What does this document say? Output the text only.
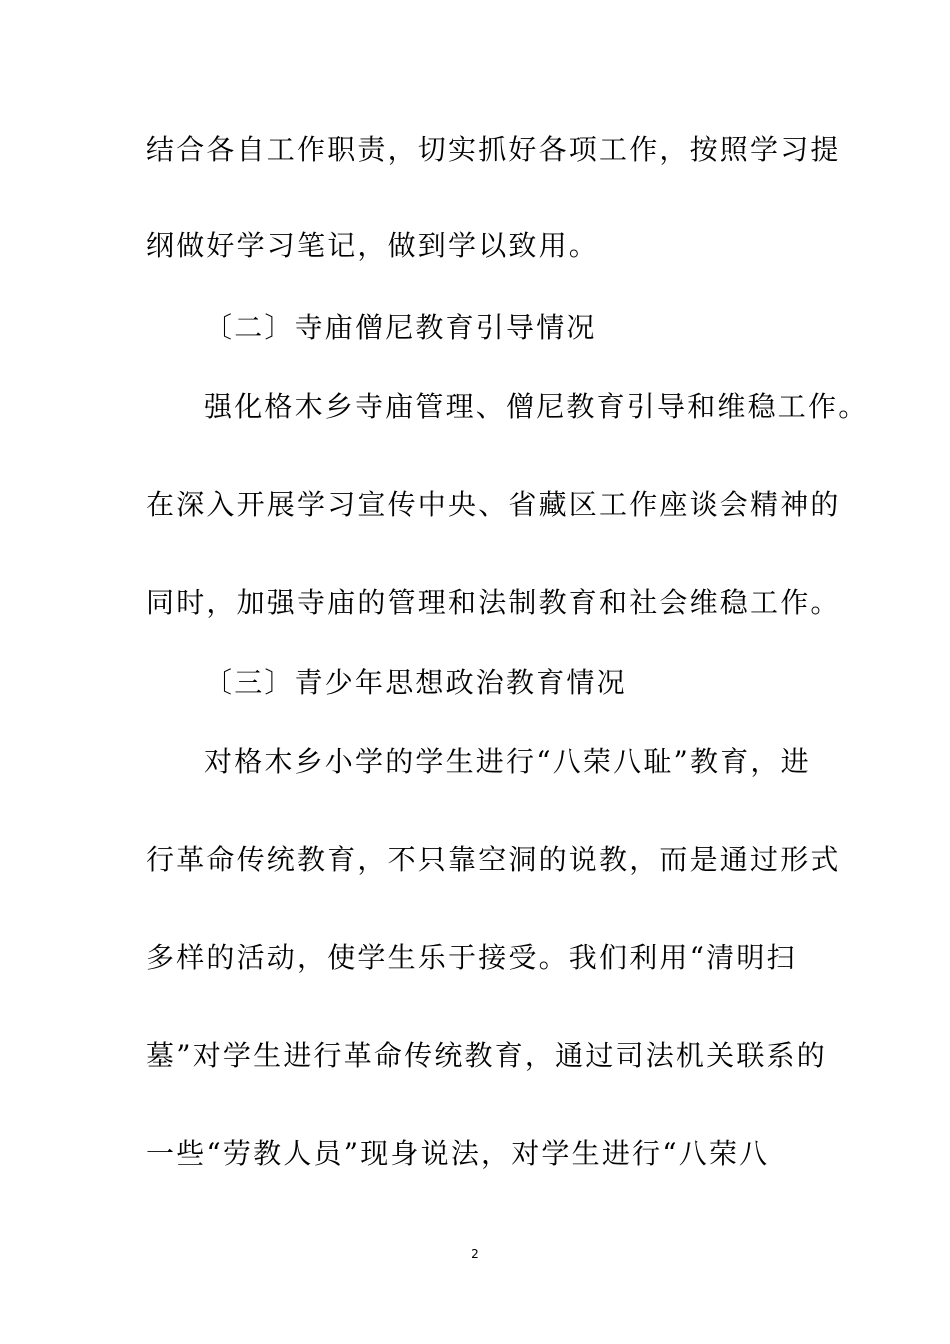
结合各自工作职责，切实抓好各项工作，按照学习提
纲做好学习笔记，做到学以致用。
〔二〕寺庙僧尼教育引导情况
强化格木乡寺庙管理、僧尼教育引导和维稳工作。
在深入开展学习宣传中央、省藏区工作座谈会精神的
同时，加强寺庙的管理和法制教育和社会维稳工作。
〔三〕青少年思想政治教育情况
对格木乡小学的学生进行“八荣八耻”教育，进
行革命传统教育，不只靠空洞的说教，而是通过形式
多样的活动，使学生乐于接受。我们利用“清明扫
墓”对学生进行革命传统教育，通过司法机关联系的
一些“劳教人员”现身说法，对学生进行“八荣八
2
